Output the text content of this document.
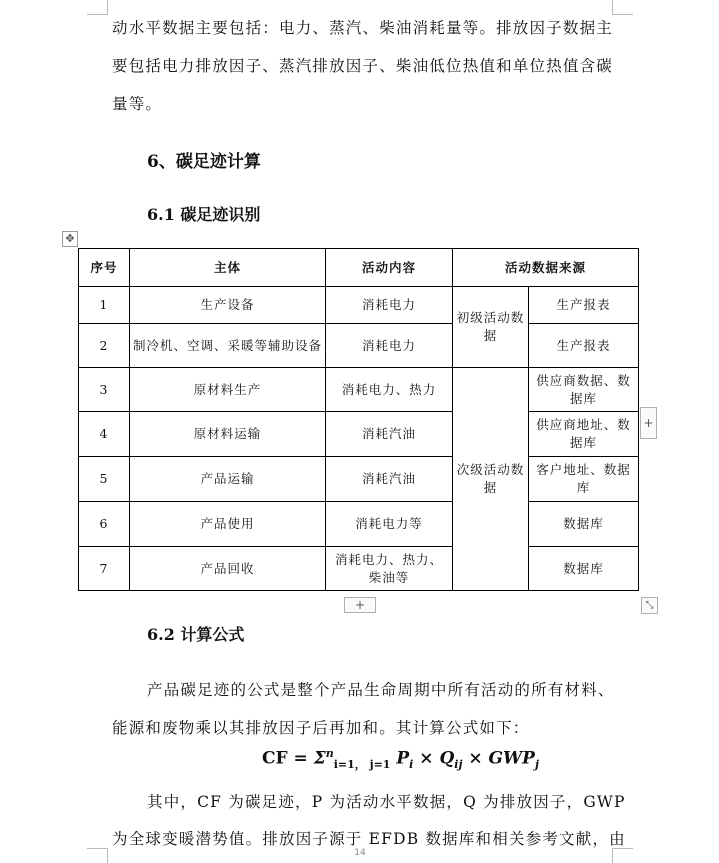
动水平数据主要包括：电力、蒸汽、柴油消耗量等。排放因子数据主
要包括电力排放因子、蒸汽排放因子、柴油低位热值和单位热值含碳
量等。
6、碳足迹计算
6.1 碳足迹识别
✥
序号	主体	活动内容	活动数据来源	
1	生产设备	消耗电力	初级活动数据	生产报表
2	制冷机、空调、采暖等辅助设备	消耗电力		生产报表
3	原材料生产	消耗电力、热力	次级活动数据	供应商数据、数据库
4	原材料运输	消耗汽油		供应商地址、数据库
5	产品运输	消耗汽油		客户地址、数据库
6	产品使用	消耗电力等		数据库
7	产品回收	消耗电力、热力、柴油等		数据库
+
+	⤡
6.2 计算公式
产品碳足迹的公式是整个产品生命周期中所有活动的所有材料、
能源和废物乘以其排放因子后再加和。其计算公式如下：
CF = $\Sigma^n_{i=1, j=1}$ $P_i \times Q_{ij} \times GWP_j$
其中，CF 为碳足迹，P 为活动水平数据，Q 为排放因子，GWP
为全球变暖潜势值。排放因子源于 EFDB 数据库和相关参考文献，由
14
